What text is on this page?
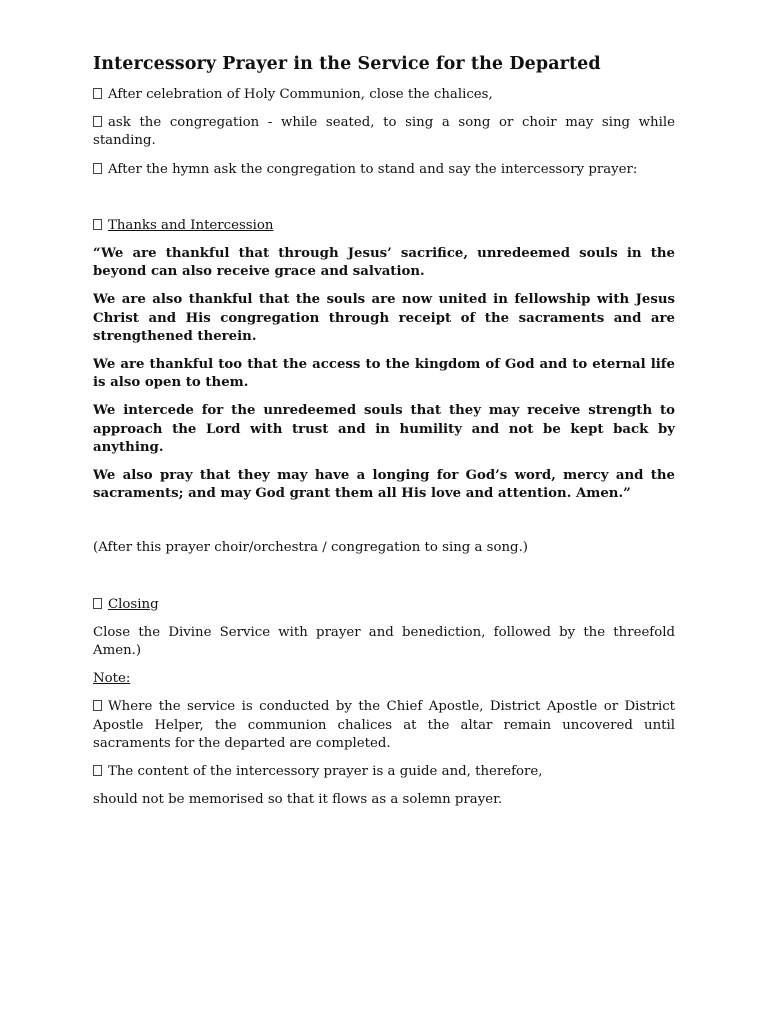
Intercessory Prayer in the Service for the Departed

After celebration of Holy Communion, close the chalices,

ask the congregation - while seated, to sing a song or choir may sing while standing.

After the hymn ask the congregation to stand and say the intercessory prayer:

Thanks and Intercession

“We are thankful that through Jesus’ sacrifice, unredeemed souls in the beyond can also receive grace and salvation.

We are also thankful that the souls are now united in fellowship with Jesus Christ and His congregation through receipt of the sacraments and are strengthened therein.

We are thankful too that the access to the kingdom of God and to eternal life is also open to them.

We intercede for the unredeemed souls that they may receive strength to approach the Lord with trust and in humility and not be kept back by anything.

We also pray that they may have a longing for God’s word, mercy and the sacraments; and may God grant them all His love and attention. Amen.”

(After this prayer choir/orchestra / congregation to sing a song.)

Closing

Close the Divine Service with prayer and benediction, followed by the threefold Amen.)

Note:

Where the service is conducted by the Chief Apostle, District Apostle or District Apostle Helper, the communion chalices at the altar remain uncovered until sacraments for the departed are completed.

The content of the intercessory prayer is a guide and, therefore,

should not be memorised so that it flows as a solemn prayer.
